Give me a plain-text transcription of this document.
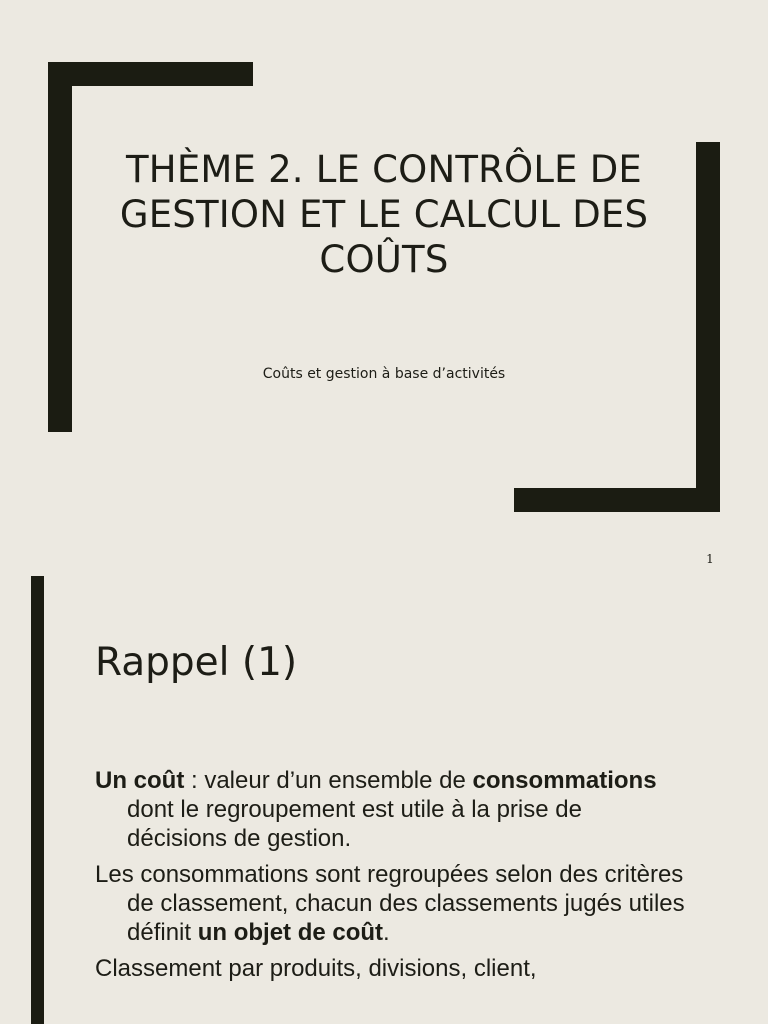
THÈME 2. LE CONTRÔLE DE GESTION ET LE CALCUL DES COÛTS
Coûts et gestion à base d’activités
1
Rappel (1)
Un coût : valeur d’un ensemble de consommations dont le regroupement est utile à la prise de décisions de gestion.
Les consommations sont regroupées selon des critères de classement, chacun des classements jugés utiles définit un objet de coût.
Classement par produits, divisions, client,
